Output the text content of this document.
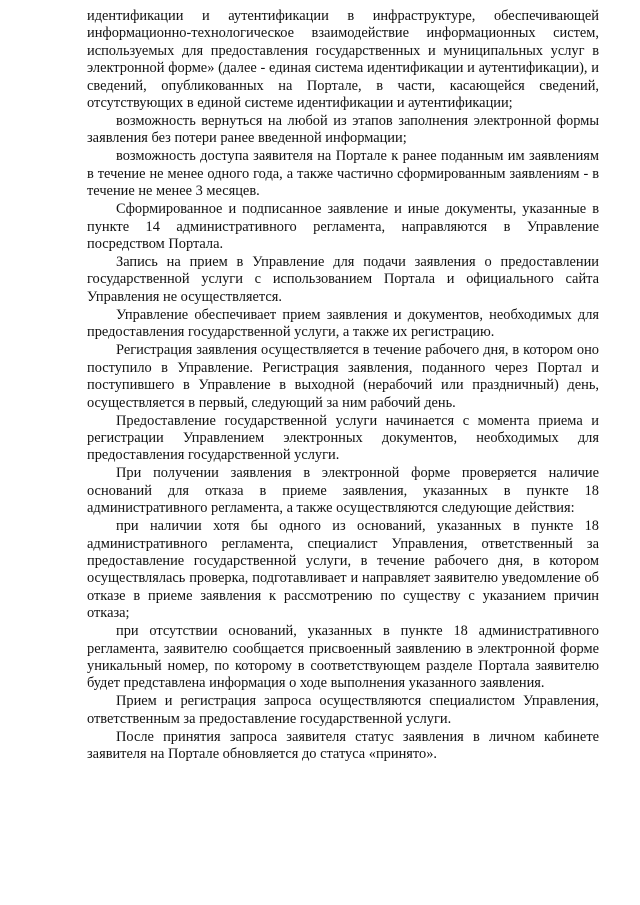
идентификации и аутентификации в инфраструктуре, обеспечивающей информационно-технологическое взаимодействие информационных систем, используемых для предоставления государственных и муниципальных услуг в электронной форме» (далее - единая система идентификации и аутентификации), и сведений, опубликованных на Портале, в части, касающейся сведений, отсутствующих в единой системе идентификации и аутентификации;

возможность вернуться на любой из этапов заполнения электронной формы заявления без потери ранее введенной информации;

возможность доступа заявителя на Портале к ранее поданным им заявлениям в течение не менее одного года, а также частично сформированным заявлениям - в течение не менее 3 месяцев.

Сформированное и подписанное заявление и иные документы, указанные в пункте 14 административного регламента, направляются в Управление посредством Портала.

Запись на прием в Управление для подачи заявления о предоставлении государственной услуги с использованием Портала и официального сайта Управления не осуществляется.

Управление обеспечивает прием заявления и документов, необходимых для предоставления государственной услуги, а также их регистрацию.

Регистрация заявления осуществляется в течение рабочего дня, в котором оно поступило в Управление. Регистрация заявления, поданного через Портал и поступившего в Управление в выходной (нерабочий или праздничный) день, осуществляется в первый, следующий за ним рабочий день.

Предоставление государственной услуги начинается с момента приема и регистрации Управлением электронных документов, необходимых для предоставления государственной услуги.

При получении заявления в электронной форме проверяется наличие оснований для отказа в приеме заявления, указанных в пункте 18 административного регламента, а также осуществляются следующие действия:

при наличии хотя бы одного из оснований, указанных в пункте 18 административного регламента, специалист Управления, ответственный за предоставление государственной услуги, в течение рабочего дня, в котором осуществлялась проверка, подготавливает и направляет заявителю уведомление об отказе в приеме заявления к рассмотрению по существу с указанием причин отказа;

при отсутствии оснований, указанных в пункте 18 административного регламента, заявителю сообщается присвоенный заявлению в электронной форме уникальный номер, по которому в соответствующем разделе Портала заявителю будет представлена информация о ходе выполнения указанного заявления.

Прием и регистрация запроса осуществляются специалистом Управления, ответственным за предоставление государственной услуги.

После принятия запроса заявителя статус заявления в личном кабинете заявителя на Портале обновляется до статуса «принято».
